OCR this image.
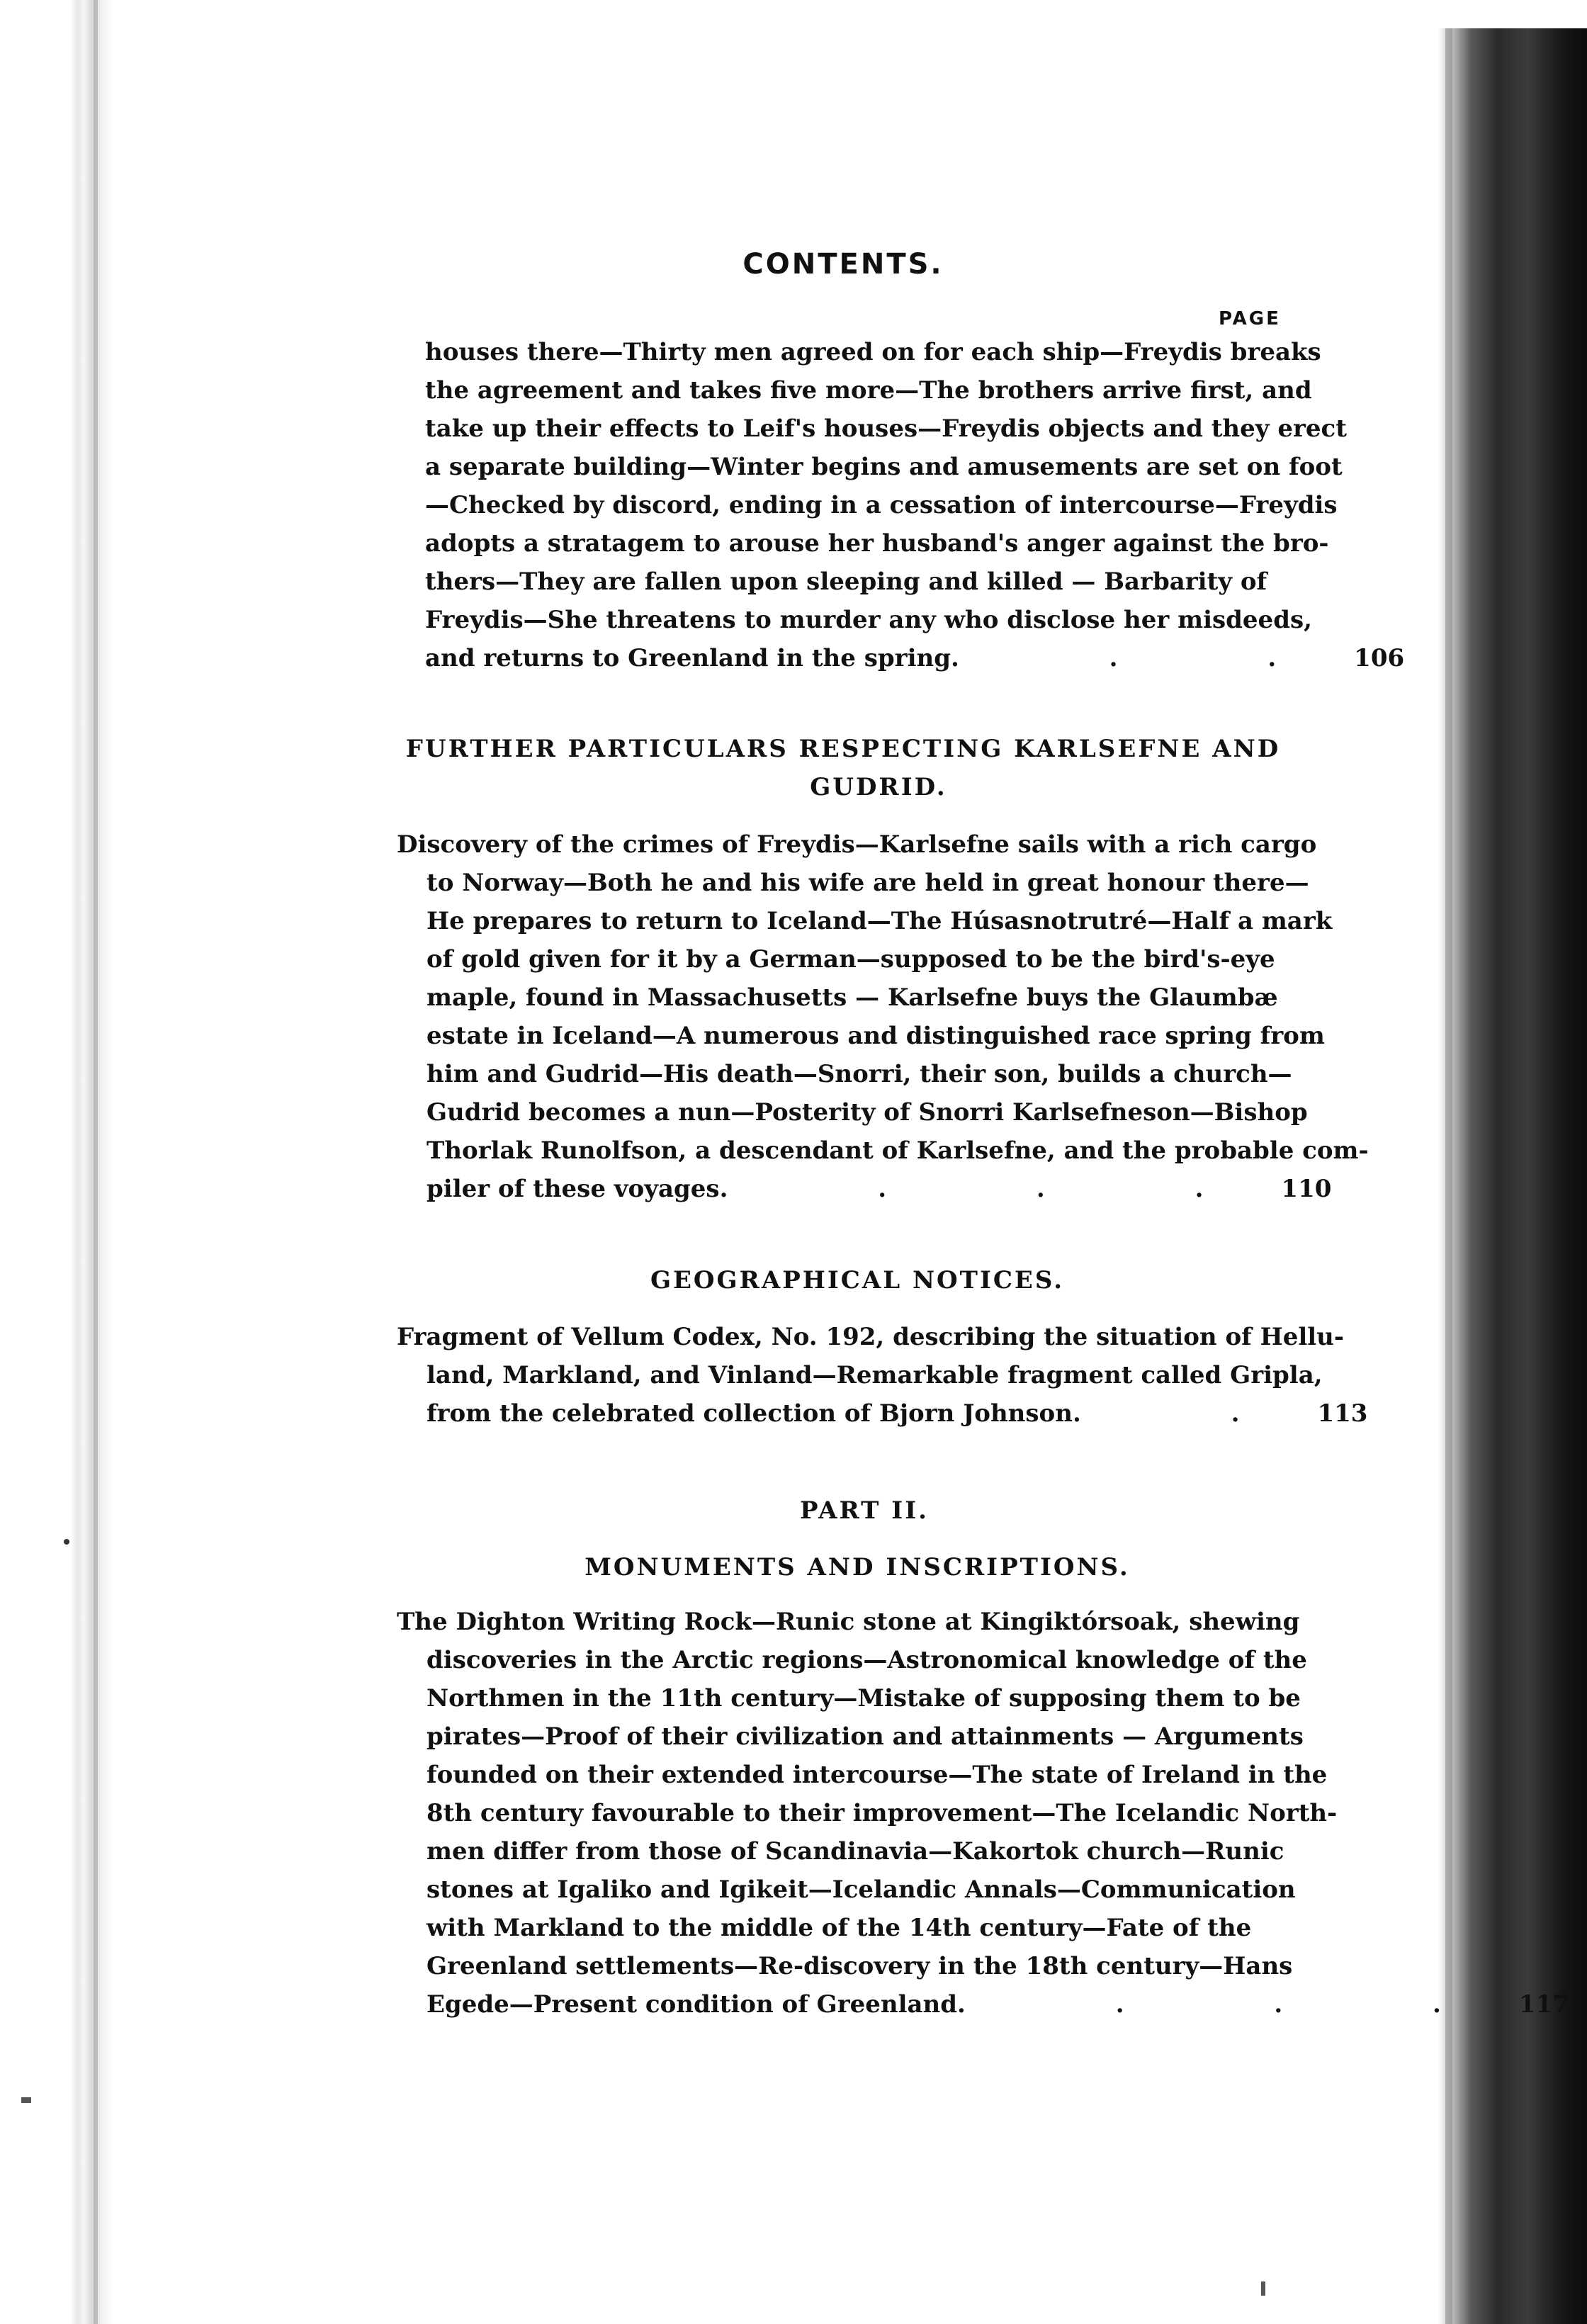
CONTENTS.
PAGE
houses there—Thirty men agreed on for each ship—Freydis breaks
the agreement and takes five more—The brothers arrive first, and
take up their effects to Leif's houses—Freydis objects and they erect
a separate building—Winter begins and amusements are set on foot
—Checked by discord, ending in a cessation of intercourse—Freydis
adopts a stratagem to arouse her husband's anger against the bro-
thers—They are fallen upon sleeping and killed — Barbarity of
Freydis—She threatens to murder any who disclose her misdeeds,
and returns to Greenland in the spring . . . 106
FURTHER PARTICULARS RESPECTING KARLSEFNE AND
GUDRID.
Discovery of the crimes of Freydis—Karlsefne sails with a rich cargo
to Norway—Both he and his wife are held in great honour there—
He prepares to return to Iceland—The Húsasnotrutré—Half a mark
of gold given for it by a German—supposed to be the bird's-eye
maple, found in Massachusetts — Karlsefne buys the Glaumbæ
estate in Iceland—A numerous and distinguished race spring from
him and Gudrid—His death—Snorri, their son, builds a church—
Gudrid becomes a nun—Posterity of Snorri Karlsefneson—Bishop
Thorlak Runolfson, a descendant of Karlsefne, and the probable com-
piler of these voyages . . . . 110
GEOGRAPHICAL NOTICES.
Fragment of Vellum Codex, No. 192, describing the situation of Hellu-
land, Markland, and Vinland—Remarkable fragment called Gripla,
from the celebrated collection of Bjorn Johnson . . 113
PART II.
MONUMENTS AND INSCRIPTIONS.
The Dighton Writing Rock—Runic stone at Kingiktórsoak, shewing
discoveries in the Arctic regions—Astronomical knowledge of the
Northmen in the 11th century—Mistake of supposing them to be
pirates—Proof of their civilization and attainments — Arguments
founded on their extended intercourse—The state of Ireland in the
8th century favourable to their improvement—The Icelandic North-
men differ from those of Scandinavia—Kakortok church—Runic
stones at Igaliko and Igikeit—Icelandic Annals—Communication
with Markland to the middle of the 14th century—Fate of the
Greenland settlements—Re-discovery in the 18th century—Hans
Egede—Present condition of Greenland . . . . 117
